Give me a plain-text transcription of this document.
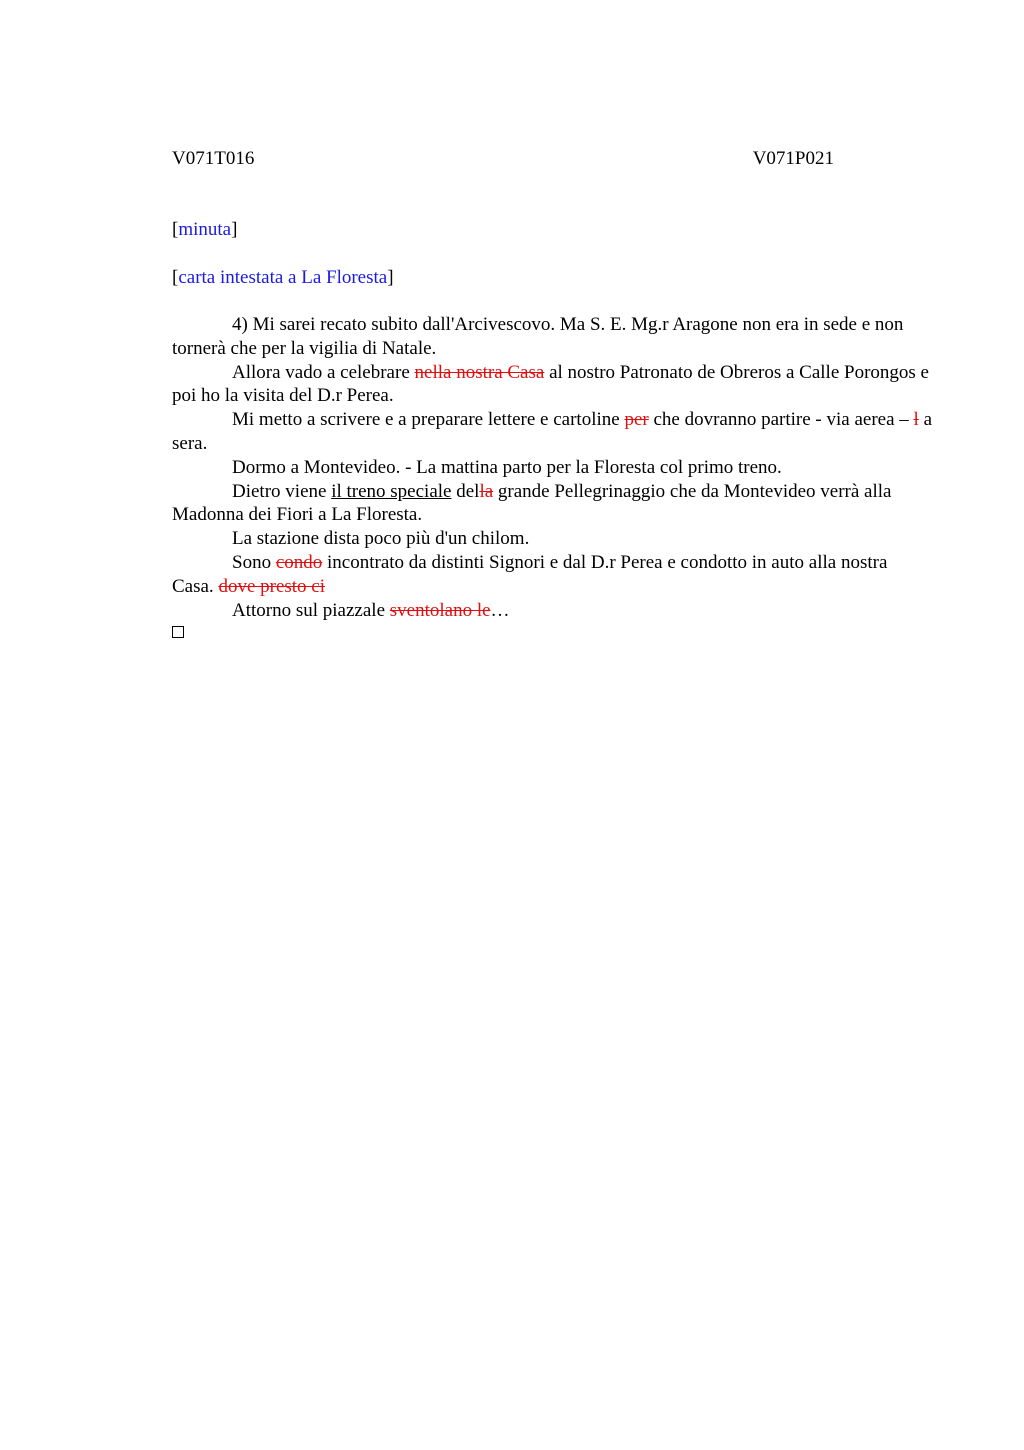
V071T016	V071P021
[minuta]
[carta intestata a La Floresta]

4) Mi sarei recato subito dall'Arcivescovo. Ma S. E. Mg.r Aragone non era in sede e non tornerà che per la vigilia di Natale.

Allora vado a celebrare nella nostra Casa al nostro Patronato de Obreros a Calle Porongos e poi ho la visita del D.r Perea.

Mi metto a scrivere e a preparare lettere e cartoline per che dovranno partire - via aerea – l a sera.

Dormo a Montevideo. - La mattina parto per la Floresta col primo treno.

Dietro viene il treno speciale della grande Pellegrinaggio che da Montevideo verrà alla Madonna dei Fiori a La Floresta.

La stazione dista poco più d'un chilom.

Sono condo incontrato da distinti Signori e dal D.r Perea e condotto in auto alla nostra Casa. dove presto ci

Attorno sul piazzale sventolano le…
